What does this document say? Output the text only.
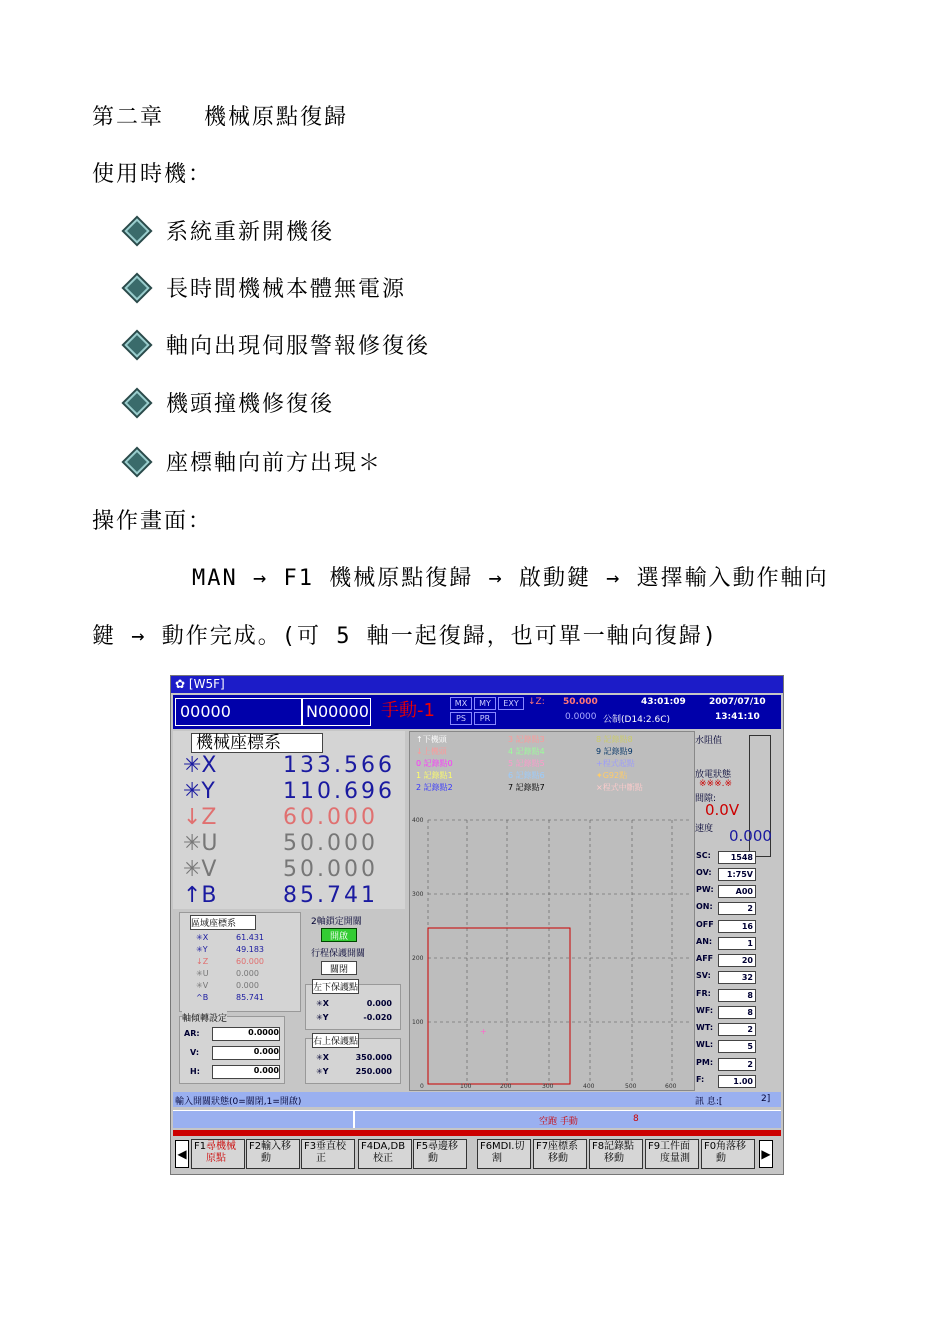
第二章 機械原點復歸
使用時機：
系統重新開機後
長時間機械本體無電源
軸向出現伺服警報修復後
機頭撞機修復後
座標軸向前方出現＊
操作畫面：
MAN → F1 機械原點復歸 → 啟動鍵 → 選擇輸入動作軸向
鍵 → 動作完成。(可 5 軸一起復歸，也可單一軸向復歸)
✿ [W5F]
00000	N00000 手動-1	MX	MY	EXY
PS	PR
↓Z: 50.000
0.0000
43:01:09
公制(D14:2.6C)
2007/07/10
13:41:10
機械座標系
✳X	133.566
✳Y	110.696
↓Z	60.000
✳U	50.000
✳V	50.000
↑B	85.741
區域座標系
✳X	61.431
✳Y	49.183
↓Z	60.000
✳U	0.000
✳V	0.000
^B	85.741
軸傾轉設定
AR:	0.0000
V:	0.000
H:	0.000
2軸鎖定開關
開啟
行程保護開關
關閉
左下保護點
✳X	0.000
✳Y	-0.020
右上保護點
✳X	350.000
✳Y	250.000
↑下機頭	3 記錄點3	8 記錄點8
↓上機頭	4 記錄點4	9 記錄點9
0 記錄點0	5 記錄點5	+程式起點
1 記錄點1	6 記錄點6	✦G92點
2 記錄點2	7 記錄點7	×程式中斷點
+
400
300
200
100
0	100	200	300	400	500	600
水阻值
放電狀態
※※※.※
間隙:
0.0V
速度 0.000
SC:	1548
OV:	1:75V
PW:	A00
ON:	2
OFF	16
AN:	1
AFF	20
SV:	32
FR:	8
WF:	8
WT:	2
WL:	5
PM:	2
F:	1.00
輸入開關狀態(0=關閉,1=開啟)	訊 息:[	2]
空跑 手動	8
◀
F1 尋機械原點
F2 輸入移動
F3 垂直校正
F4 DA,DB校正
F5 尋邊移動
F6 MDI.切割
F7 座標系移動
F8 記錄點移動
F9 工件面度量測
F0 角落移動	▶
